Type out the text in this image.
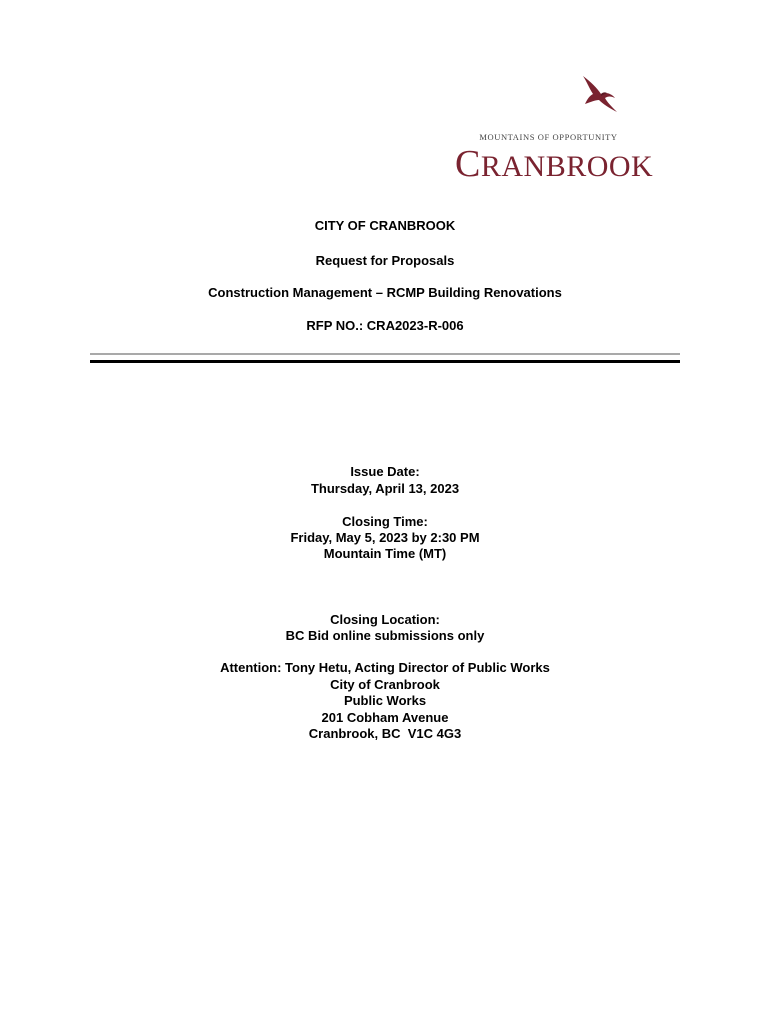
MOUNTAINS OF OPPORTUNITY
CRANBROOK
CITY OF CRANBROOK
Request for Proposals
Construction Management – RCMP Building Renovations
RFP NO.: CRA2023-R-006
Issue Date:
Thursday, April 13, 2023
Closing Time:
Friday, May 5, 2023 by 2:30 PM
Mountain Time (MT)
Closing Location:
BC Bid online submissions only
Attention: Tony Hetu, Acting Director of Public Works
City of Cranbrook
Public Works
201 Cobham Avenue
Cranbrook, BC  V1C 4G3
